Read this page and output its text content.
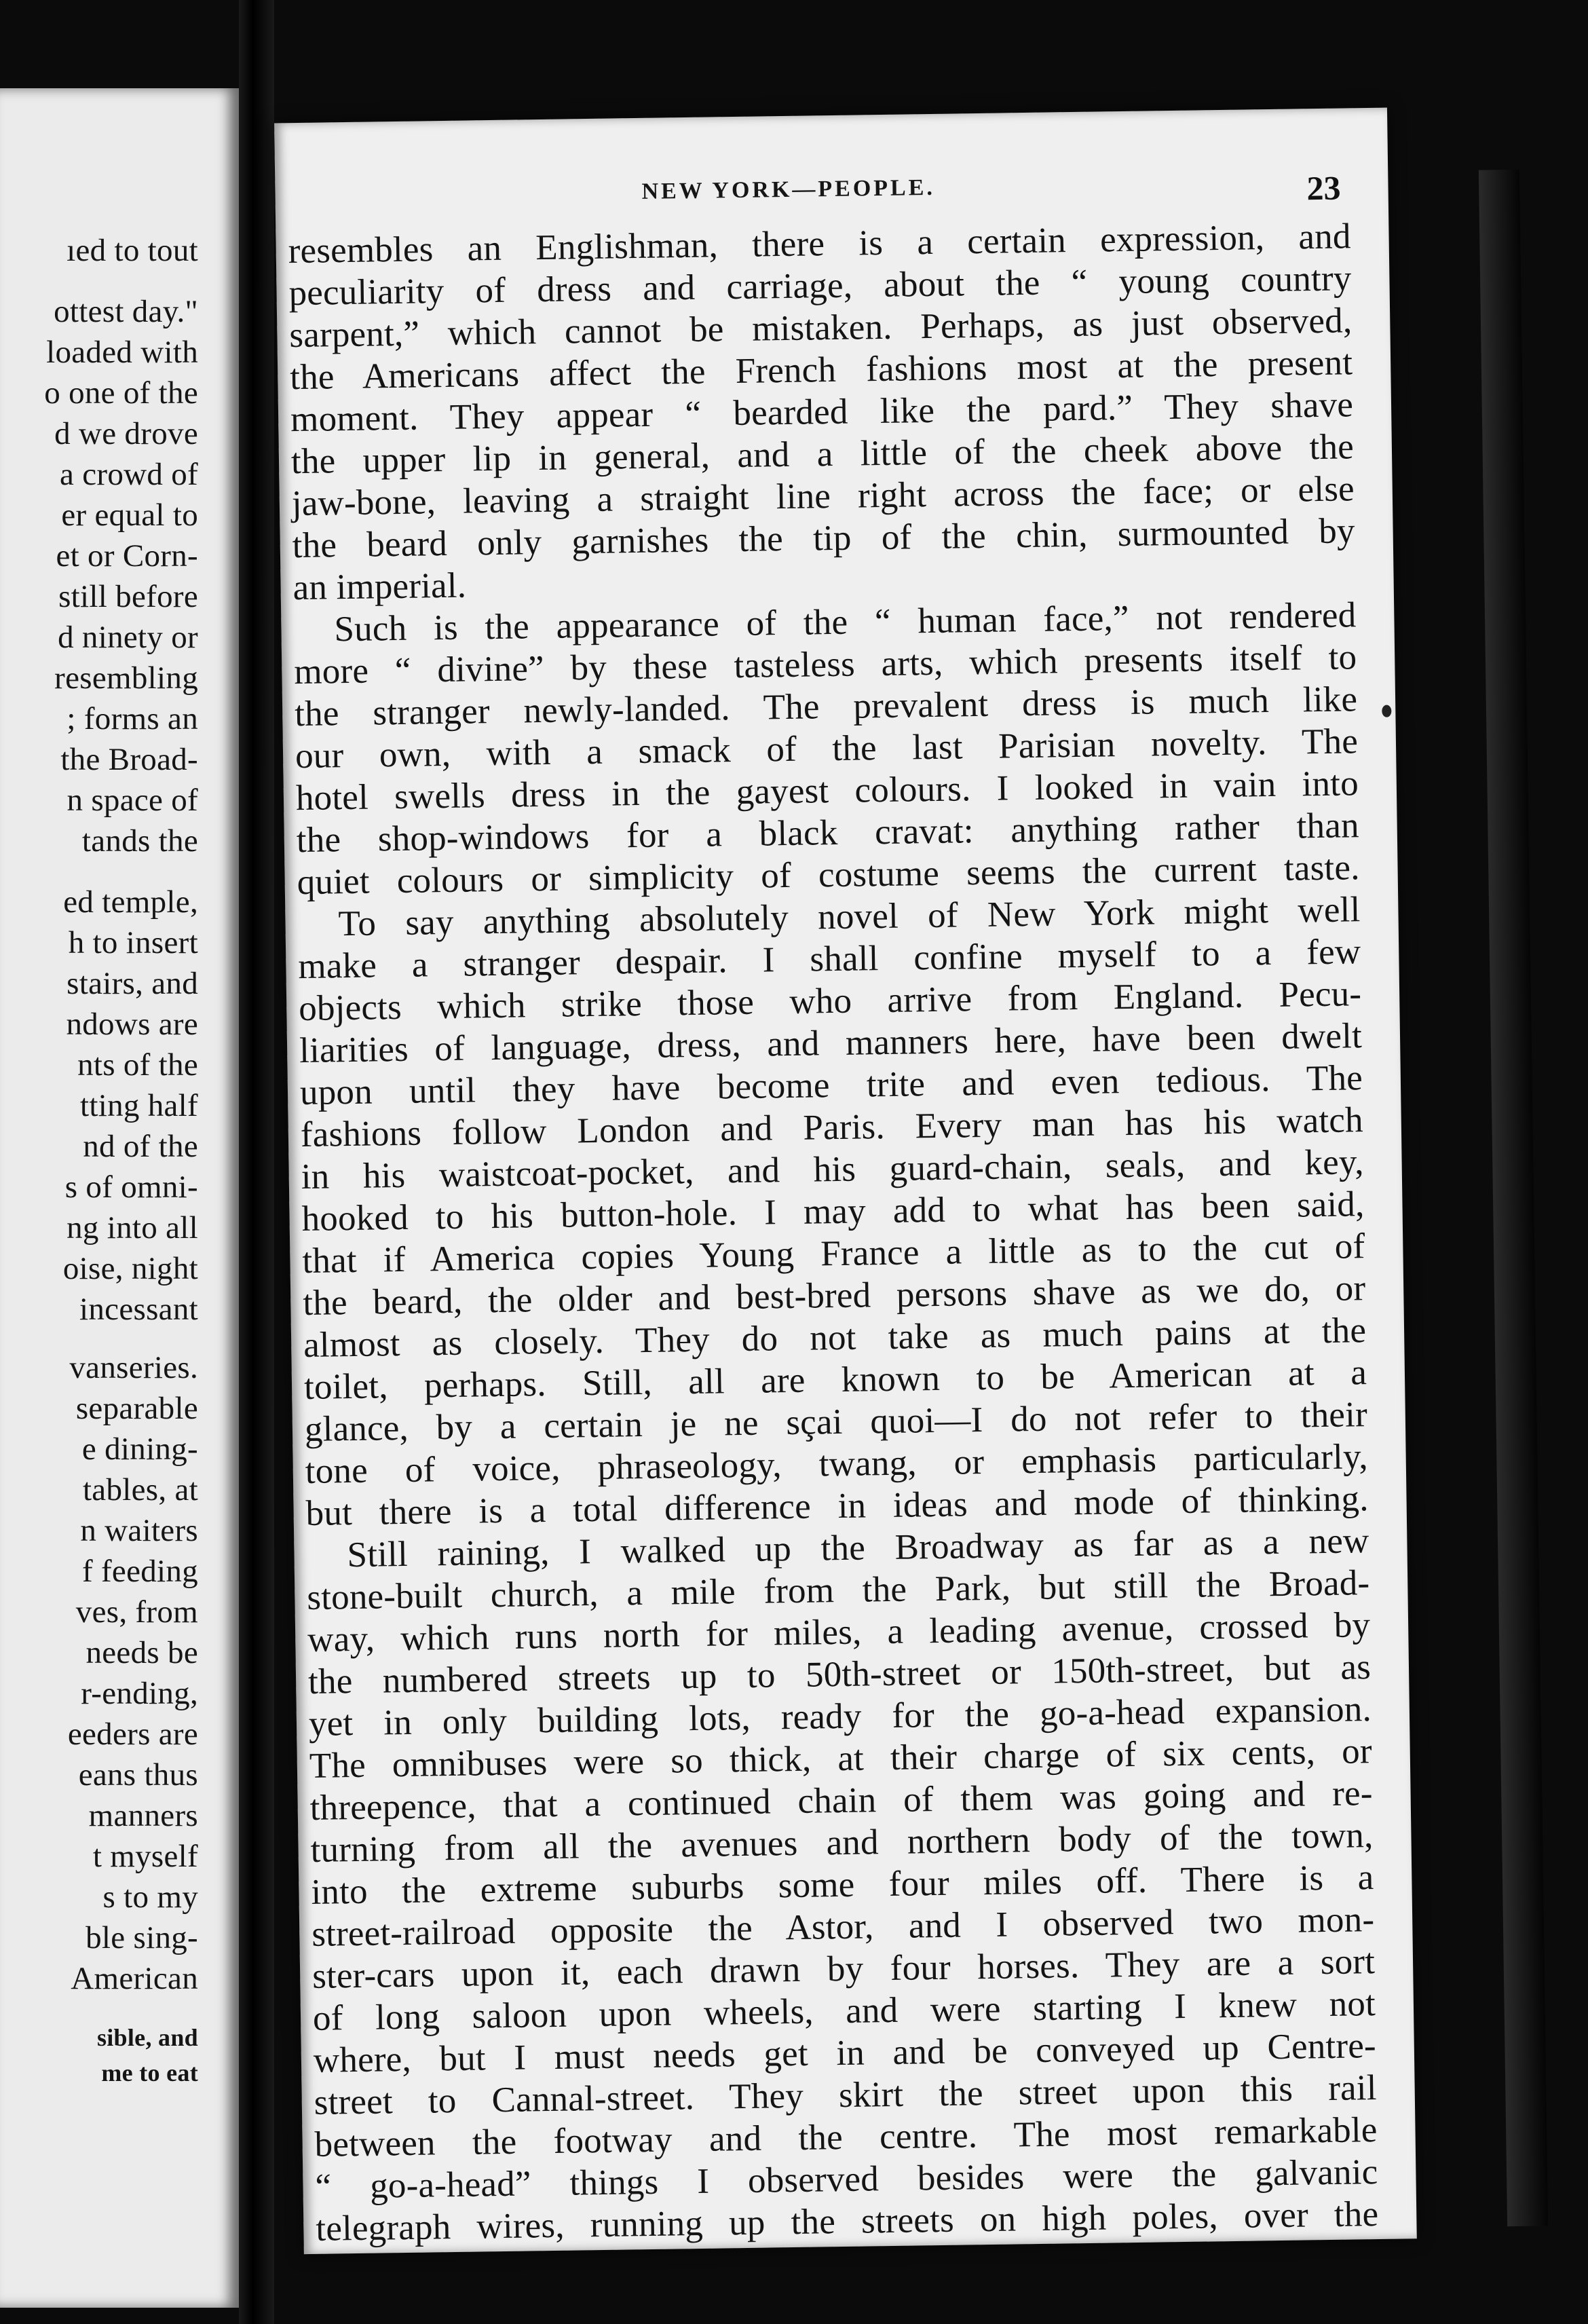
ıed to tout
ottest day."
loaded with
o one of the
d we drove
a crowd of
er equal to
et or Corn-
still before
d ninety or
resembling
; forms an
the Broad-
n space of
tands the
ed temple,
h to insert
stairs, and
ndows are
nts of the
tting half
nd of the
s of omni-
ng into all
oise, night
incessant
vanseries.
separable
e dining-
tables, at
n waiters
f feeding
ves, from
needs be
r-ending,
eeders are
eans thus
manners
t myself
s to my
ble sing-
American
sible, and
me to eat
NEW YORK—PEOPLE.	23
resembles an Englishman, there is a certain expression, and
peculiarity of dress and carriage, about the “ young country
sarpent,” which cannot be mistaken. Perhaps, as just observed,
the Americans affect the French fashions most at the present
moment. They appear “ bearded like the pard.” They shave
the upper lip in general, and a little of the cheek above the
jaw-bone, leaving a straight line right across the face; or else
the beard only garnishes the tip of the chin, surmounted by
an imperial.
Such is the appearance of the “ human face,” not rendered
more “ divine” by these tasteless arts, which presents itself to
the stranger newly-landed. The prevalent dress is much like
our own, with a smack of the last Parisian novelty. The
hotel swells dress in the gayest colours. I looked in vain into
the shop-windows for a black cravat: anything rather than
quiet colours or simplicity of costume seems the current taste.
To say anything absolutely novel of New York might well
make a stranger despair. I shall confine myself to a few
objects which strike those who arrive from England. Pecu-
liarities of language, dress, and manners here, have been dwelt
upon until they have become trite and even tedious. The
fashions follow London and Paris. Every man has his watch
in his waistcoat-pocket, and his guard-chain, seals, and key,
hooked to his button-hole. I may add to what has been said,
that if America copies Young France a little as to the cut of
the beard, the older and best-bred persons shave as we do, or
almost as closely. They do not take as much pains at the
toilet, perhaps. Still, all are known to be American at a
glance, by a certain je ne sçai quoi—I do not refer to their
tone of voice, phraseology, twang, or emphasis particularly,
but there is a total difference in ideas and mode of thinking.
Still raining, I walked up the Broadway as far as a new
stone-built church, a mile from the Park, but still the Broad-
way, which runs north for miles, a leading avenue, crossed by
the numbered streets up to 50th-street or 150th-street, but as
yet in only building lots, ready for the go-a-head expansion.
The omnibuses were so thick, at their charge of six cents, or
threepence, that a continued chain of them was going and re-
turning from all the avenues and northern body of the town,
into the extreme suburbs some four miles off. There is a
street-railroad opposite the Astor, and I observed two mon-
ster-cars upon it, each drawn by four horses. They are a sort
of long saloon upon wheels, and were starting I knew not
where, but I must needs get in and be conveyed up Centre-
street to Cannal-street. They skirt the street upon this rail
between the footway and the centre. The most remarkable
“ go-a-head” things I observed besides were the galvanic
telegraph wires, running up the streets on high poles, over the
